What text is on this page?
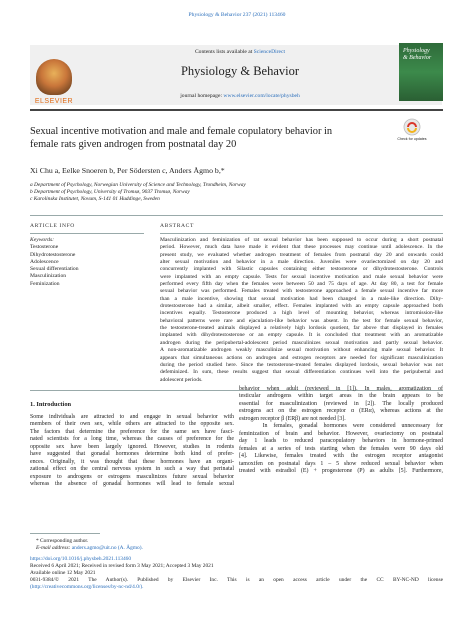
Physiology & Behavior 237 (2021) 113460
ELSEVIER
Contents lists available at ScienceDirect
Physiology & Behavior
journal homepage: www.elsevier.com/locate/physbeh
Physiology
& Behavior
Check for updates
Sexual incentive motivation and male and female copulatory behavior in
female rats given androgen from postnatal day 20
Xi Chu a, Eelke Snoeren b, Per Södersten c, Anders Ågmo b,*
a Department of Psychology, Norwegian University of Science and Technology, Trondheim, Norway
b Department of Psychology, University of Tromsø, 9037 Tromsø, Norway
c Karolinska Institutet, Novum, S-141 01 Huddinge, Sweden
ARTICLE INFO
Keywords:
Testosterone
Dihydrotestosterone
Adolescence
Sexual differentiation
Masculinization
Feminization
ABSTRACT
Masculinization and feminization of rat sexual behavior has been supposed to occur during a short postnatal
period. However, much data have made it evident that these processes may continue until adolescence. In the
present study, we evaluated whether androgen treatment of females from postnatal day 20 and onwards could
alter sexual motivation and behavior in a male direction. Juveniles were ovariectomized on day 20 and
concurrently implanted with Silastic capsules containing either testosterone or dihydrotestosterone. Controls
were implanted with an empty capsule. Tests for sexual incentive motivation and male sexual behavior were
performed every fifth day when the females were between 50 and 75 days of age. At day 80, a test for female
sexual behavior was performed. Females treated with testosterone approached a female sexual incentive far more
than a male incentive, showing that sexual motivation had been changed in a male-like direction. Dihy-
drotestosterone had a similar, albeit smaller, effect. Females implanted with an empty capsule approached both
incentives equally. Testosterone produced a high level of mounting behavior, whereas intromission-like
behavioral patterns were rare and ejaculation-like behavior was absent. In the test for female sexual behavior,
the testosterone-treated animals displayed a relatively high lordosis quotient, far above that displayed in females
implanted with dihydrotestosterone or an empty capsule. It is concluded that treatment with an aromatizable
androgen during the peripubertal-adolescent period masculinizes sexual motivation and partly sexual behavior.
A non-aromatizable androgen weakly masculinize sexual motivation without enhancing male sexual behavior. It
appears that simultaneous actions on androgen and estrogen receptors are needed for significant masculinization
during the period studied here. Since the testosterone-treated females displayed lordosis, sexual behavior was not
defeminized. In sum, these results suggest that sexual differentiation continues well into the peripubertal and
adolescent periods.
1. Introduction
Some individuals are attracted to and engage in sexual behavior with
members of their own sex, while others are attracted to the opposite sex.
The factors that determine the preference for the same sex have fasci-
nated scientists for a long time, whereas the causes of preference for the
opposite sex have been largely ignored. However, studies in rodents
have suggested that gonadal hormones determine both kind of prefer-
ences. Originally, it was thought that these hormones have an organi-
zational effect on the central nervous system in such a way that perinatal
exposure to androgens or estrogens masculinizes future sexual behavior
whereas the absence of gonadal hormones will lead to female sexual
behavior when adult (reviewed in [1]). In males, aromatization of
testicular androgens within target areas in the brain appears to be
essential for masculinization (reviewed in [2]). The locally produced
estrogens act on the estrogen receptor α (ERα), whereas actions at the
estrogen receptor β (ERβ) are not needed [3].
In females, gonadal hormones were considered unnecessary for
feminization of brain and behavior. However, ovariectomy on postnatal
day 1 leads to reduced paracopulatory behaviors in hormone-primed
females at a series of tests starting when the females were 90 days old
[4]. Likewise, females treated with the estrogen receptor antagonist
tamoxifen on postnatal days 1 – 5 show reduced sexual behavior when
treated with estradiol (E) + progesterone (P) as adults [5]. Furthermore,
* Corresponding author.
E-mail address: anders.agmo@uit.no (A. Ågmo).
https://doi.org/10.1016/j.physbeh.2021.113460
Received 6 April 2021; Received in revised form 3 May 2021; Accepted 3 May 2021
Available online 12 May 2021
0031-9384/© 2021 The Author(s). Published by Elsevier Inc. This is an open access article under the CC BY-NC-ND license
(http://creativecommons.org/licenses/by-nc-nd/4.0/).
